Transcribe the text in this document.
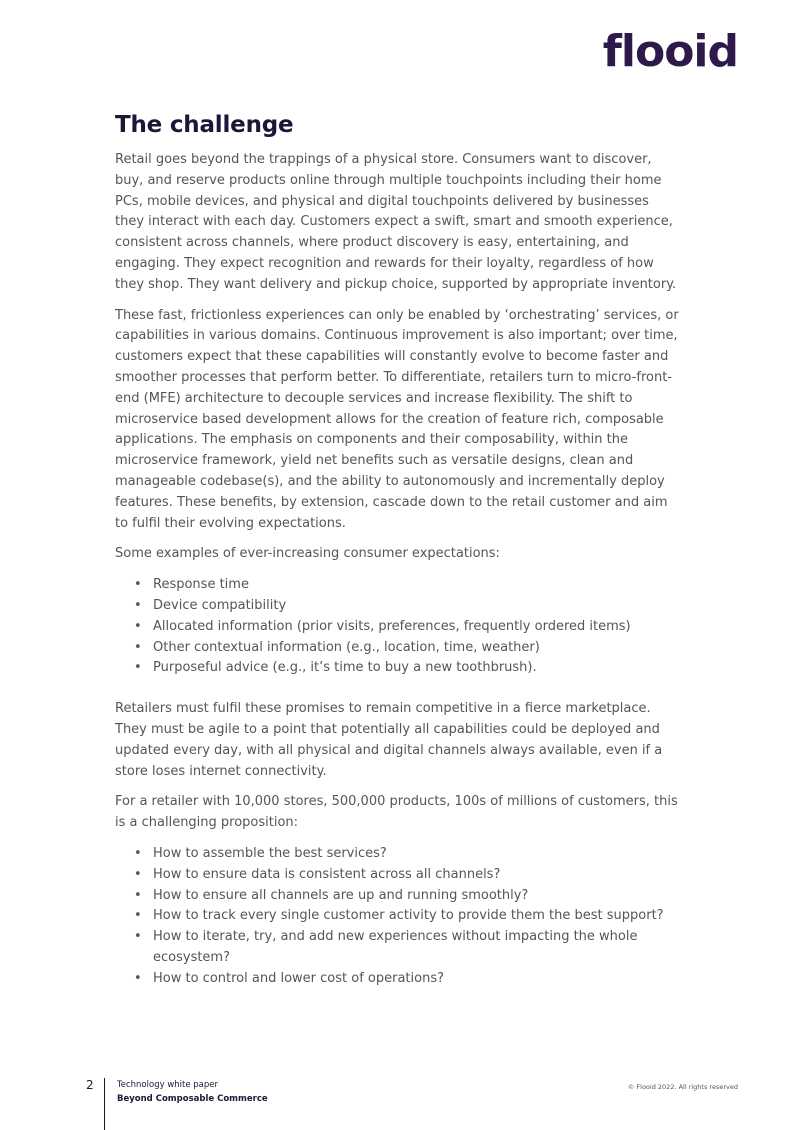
flooid
The challenge

Retail goes beyond the trappings of a physical store. Consumers want to discover, buy, and reserve products online through multiple touchpoints including their home PCs, mobile devices, and physical and digital touchpoints delivered by businesses they interact with each day. Customers expect a swift, smart and smooth experience, consistent across channels, where product discovery is easy, entertaining, and engaging. They expect recognition and rewards for their loyalty, regardless of how they shop. They want delivery and pickup choice, supported by appropriate inventory.

These fast, frictionless experiences can only be enabled by ‘orchestrating’ services, or capabilities in various domains. Continuous improvement is also important; over time, customers expect that these capabilities will constantly evolve to become faster and smoother processes that perform better. To differentiate, retailers turn to micro-front-end (MFE) architecture to decouple services and increase flexibility. The shift to microservice based development allows for the creation of feature rich, composable applications. The emphasis on components and their composability, within the microservice framework, yield net benefits such as versatile designs, clean and manageable codebase(s), and the ability to autonomously and incrementally deploy features. These benefits, by extension, cascade down to the retail customer and aim to fulfil their evolving expectations.

Some examples of ever-increasing consumer expectations:

• Response time
• Device compatibility
• Allocated information (prior visits, preferences, frequently ordered items)
• Other contextual information (e.g., location, time, weather)
• Purposeful advice (e.g., it’s time to buy a new toothbrush).

Retailers must fulfil these promises to remain competitive in a fierce marketplace. They must be agile to a point that potentially all capabilities could be deployed and updated every day, with all physical and digital channels always available, even if a store loses internet connectivity.

For a retailer with 10,000 stores, 500,000 products, 100s of millions of customers, this is a challenging proposition:

• How to assemble the best services?
• How to ensure data is consistent across all channels?
• How to ensure all channels are up and running smoothly?
• How to track every single customer activity to provide them the best support?
• How to iterate, try, and add new experiences without impacting the whole ecosystem?
• How to control and lower cost of operations?
2	Technology white paper
Beyond Composable Commerce
© Flooid 2022. All rights reserved
